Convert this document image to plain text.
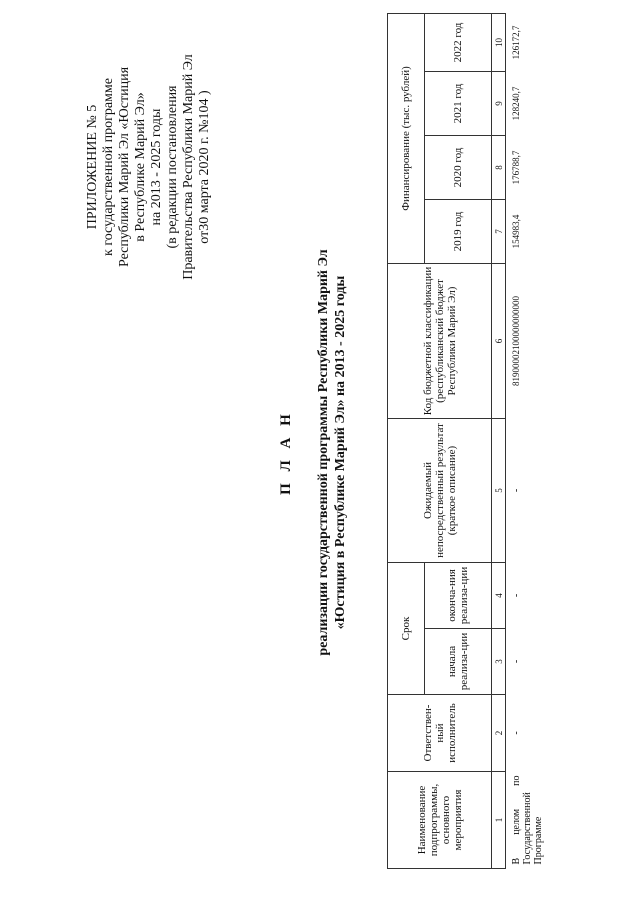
ПРИЛОЖЕНИЕ № 5 к государственной программе Республики Марий Эл «Юстиция в Республике Марий Эл» на 2013 - 2025 годы (в редакции постановления Правительства Республики Марий Эл от30 марта 2020 г. №104 )
П Л А Н реализации государственной программы Республики Марий Эл «Юстиция в Республике Марий Эл» на 2013 - 2025 годы
Наименование подпрограммы, основного мероприятия	Ответствен-ный исполнитель	Срок		Ожидаемый непосредственный результат (краткое описание)	Код бюджетной классификации (республиканский бюджет Республики Марий Эл)	Финансирование (тыс. рублей)			
		начала реализа-ции	оконча-ния реализа-ции			2019 год	2020 год	2021 год	2022 год
1	2	3	4	5	6	7	8	9	10
В целом по Государственной Программе	-	-	-	-	81900002100000000000	154983,4	176788,7	128240,7	126172,7
